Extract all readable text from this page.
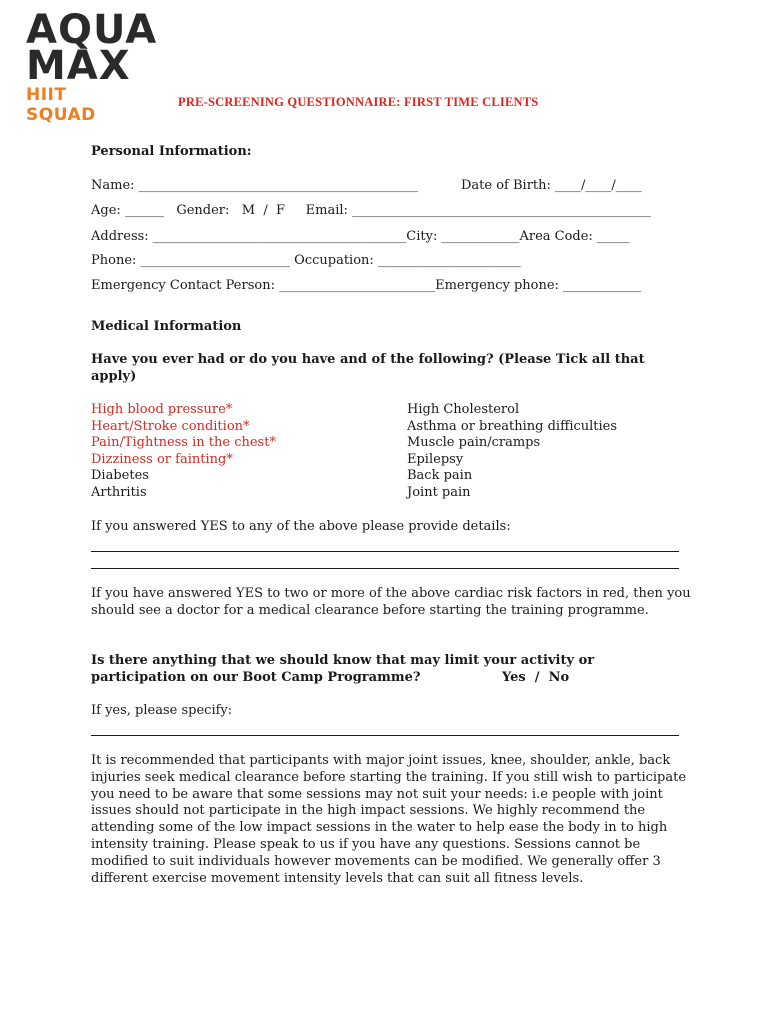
AQUA
MAX
HIIT SQUAD
PRE-SCREENING QUESTIONNAIRE: FIRST TIME CLIENTS
Personal Information:
Name: ___________________________________________	Date of Birth: ____/____/____
Age: ______   Gender:   M  /  F     Email: ______________________________________________
Address: _______________________________________City: ____________Area Code: _____
Phone: _______________________ Occupation: ______________________
Emergency Contact Person: ________________________Emergency phone: ____________
Medical Information
Have you ever had or do you have and of the following? (Please Tick all that apply)
High blood pressure*
Heart/Stroke condition*
Pain/Tightness in the chest*
Dizziness or fainting*
Diabetes
Arthritis
High Cholesterol
Asthma or breathing difficulties
Muscle pain/cramps
Epilepsy
Back pain
Joint pain
If you answered YES to any of the above please provide details:
If you have answered YES to two or more of the above cardiac risk factors in red, then you should see a doctor for a medical clearance before starting the training programme.
Is there anything that we should know that may limit your activity or
participation on our Boot Camp Programme?	Yes  /  No
If yes, please specify:
It is recommended that participants with major joint issues, knee, shoulder, ankle, back injuries seek medical clearance before starting the training. If you still wish to participate you need to be aware that some sessions may not suit your needs: i.e people with joint issues should not participate in the high impact sessions. We highly recommend the attending some of the low impact sessions in the water to help ease the body in to high intensity training. Please speak to us if you have any questions. Sessions cannot be modified to suit individuals however movements can be modified. We generally offer 3 different exercise movement intensity levels that can suit all fitness levels.
